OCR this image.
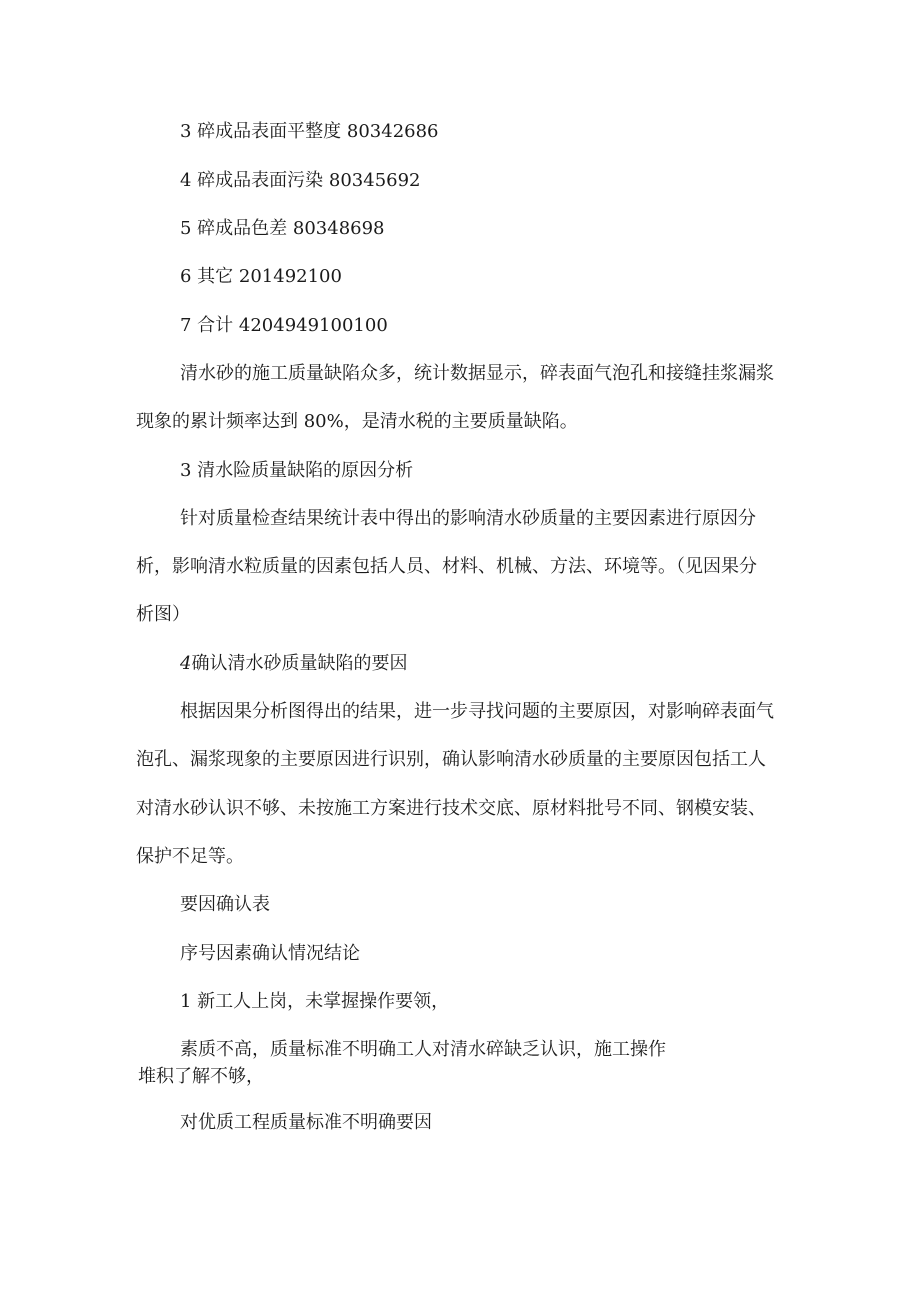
3 碎成品表面平整度 80342686
4 碎成品表面污染 80345692
5 碎成品色差 80348698
6 其它 201492100
7 合计 4204949100100
清水砂的施工质量缺陷众多，统计数据显示，碎表面气泡孔和接缝挂浆漏浆
现象的累计频率达到 80%，是清水税的主要质量缺陷。
3 清水险质量缺陷的原因分析
针对质量检查结果统计表中得出的影响清水砂质量的主要因素进行原因分
析，影响清水粒质量的因素包括人员、材料、机械、方法、环境等。（见因果分
析图）
4确认清水砂质量缺陷的要因
根据因果分析图得出的结果，进一步寻找问题的主要原因，对影响碎表面气
泡孔、漏浆现象的主要原因进行识别，确认影响清水砂质量的主要原因包括工人
对清水砂认识不够、未按施工方案进行技术交底、原材料批号不同、钢模安装、
保护不足等。
要因确认表
序号因素确认情况结论
1 新工人上岗，未掌握操作要领，
素质不高，质量标准不明确工人对清水碎缺乏认识，施工操作
堆积了解不够，
对优质工程质量标准不明确要因
